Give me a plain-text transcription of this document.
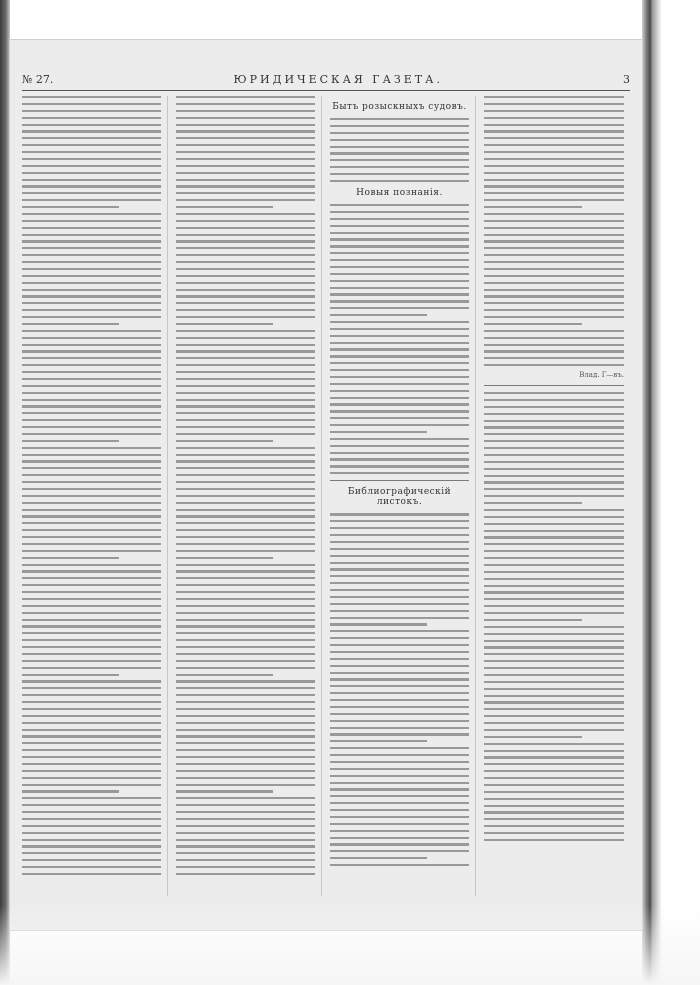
№ 27.	ЮРИДИЧЕСКАЯ ГАЗЕТА.	3
Бытъ розыскныхъ судовъ.
Новыя познанія.
Библиографическій листокъ.
Влад. Г—въ.
